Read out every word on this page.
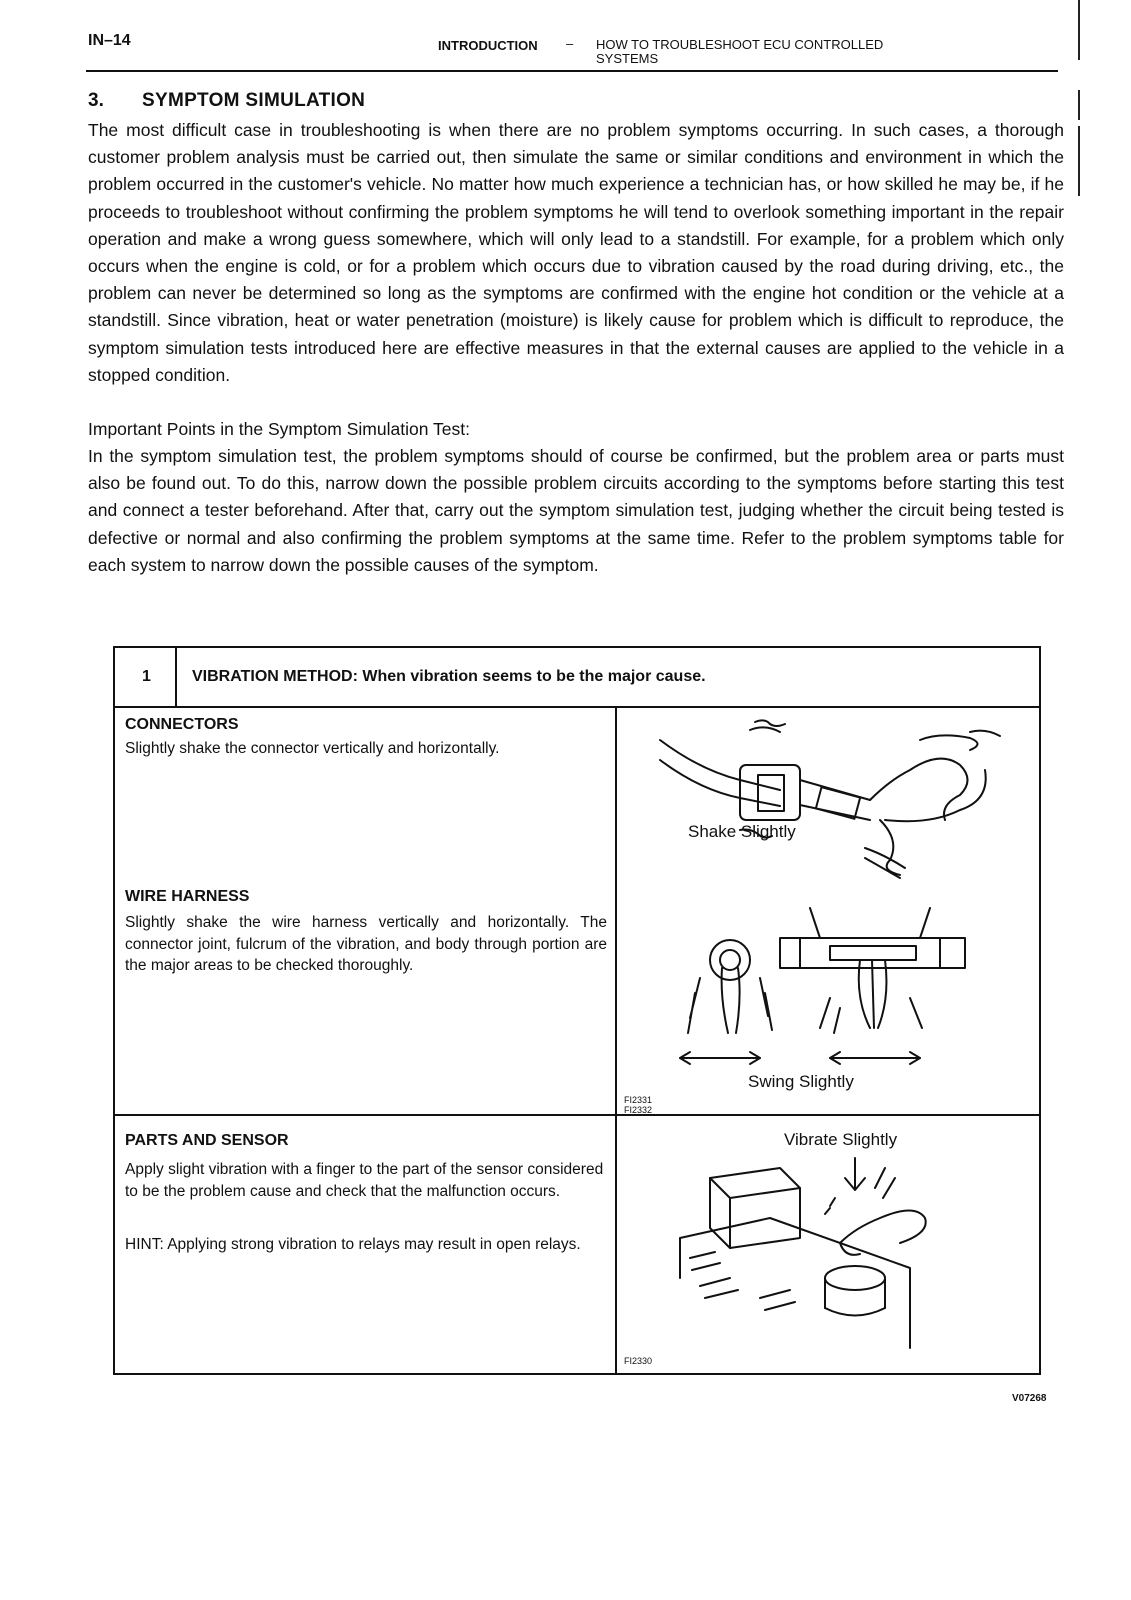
IN–14	INTRODUCTION – HOW TO TROUBLESHOOT ECU CONTROLLED SYSTEMS
3. SYMPTOM SIMULATION
The most difficult case in troubleshooting is when there are no problem symptoms occurring. In such cases, a thorough customer problem analysis must be carried out, then simulate the same or similar conditions and environment in which the problem occurred in the customer's vehicle. No matter how much experience a technician has, or how skilled he may be, if he proceeds to troubleshoot without confirming the problem symptoms he will tend to overlook something important in the repair operation and make a wrong guess somewhere, which will only lead to a standstill. For example, for a problem which only occurs when the engine is cold, or for a problem which occurs due to vibration caused by the road during driving, etc., the problem can never be determined so long as the symptoms are confirmed with the engine hot condition or the vehicle at a standstill. Since vibration, heat or water penetration (moisture) is likely cause for problem which is difficult to reproduce, the symptom simulation tests introduced here are effective measures in that the external causes are applied to the vehicle in a stopped condition.
Important Points in the Symptom Simulation Test:
In the symptom simulation test, the problem symptoms should of course be confirmed, but the problem area or parts must also be found out. To do this, narrow down the possible problem circuits according to the symptoms before starting this test and connect a tester beforehand. After that, carry out the symptom simulation test, judging whether the circuit being tested is defective or normal and also confirming the problem symptoms at the same time. Refer to the problem symptoms table for each system to narrow down the possible causes of the symptom.
1	VIBRATION METHOD: When vibration seems to be the major cause.
CONNECTORS
Slightly shake the connector vertically and horizontally.
WIRE HARNESS
Slightly shake the wire harness vertically and horizontally. The connector joint, fulcrum of the vibration, and body through portion are the major areas to be checked thoroughly.
Shake Slightly
Swing Slightly
FI2331
FI2332
PARTS AND SENSOR
Apply slight vibration with a finger to the part of the sensor considered to be the problem cause and check that the malfunction occurs.
HINT: Applying strong vibration to relays may result in open relays.
Vibrate Slightly
FI2330
V07268
